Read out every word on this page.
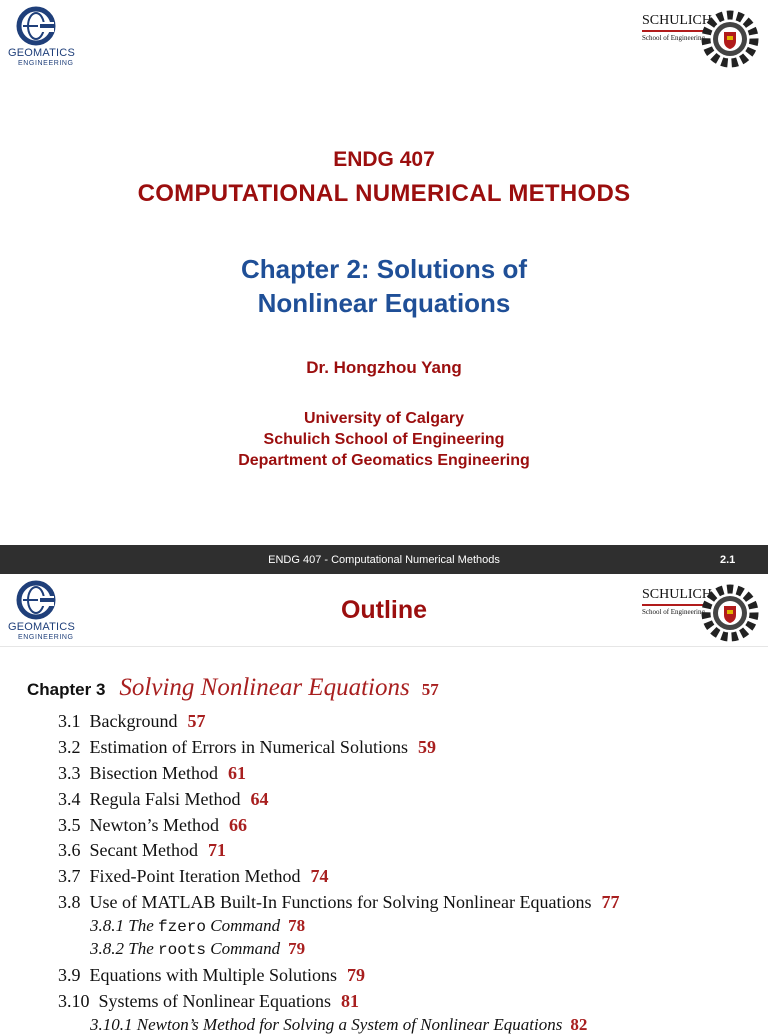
GEOMATICS
ENGINEERING
SCHULICH
School of Engineering
ENDG 407
COMPUTATIONAL NUMERICAL METHODS
Chapter 2: Solutions of
Nonlinear Equations
Dr. Hongzhou Yang
University of Calgary
Schulich School of Engineering
Department of Geomatics Engineering
ENDG 407 - Computational Numerical Methods	2.1
GEOMATICS
ENGINEERING
Outline
SCHULICH
School of Engineering
Chapter 3 Solving Nonlinear Equations 57
3.1 Background 57
3.2 Estimation of Errors in Numerical Solutions 59
3.3 Bisection Method 61
3.4 Regula Falsi Method 64
3.5 Newton’s Method 66
3.6 Secant Method 71
3.7 Fixed-Point Iteration Method 74
3.8 Use of MATLAB Built-In Functions for Solving Nonlinear Equations 77
3.8.1 The fzero Command 78
3.8.2 The roots Command 79
3.9 Equations with Multiple Solutions 79
3.10 Systems of Nonlinear Equations 81
3.10.1 Newton’s Method for Solving a System of Nonlinear Equations 82
